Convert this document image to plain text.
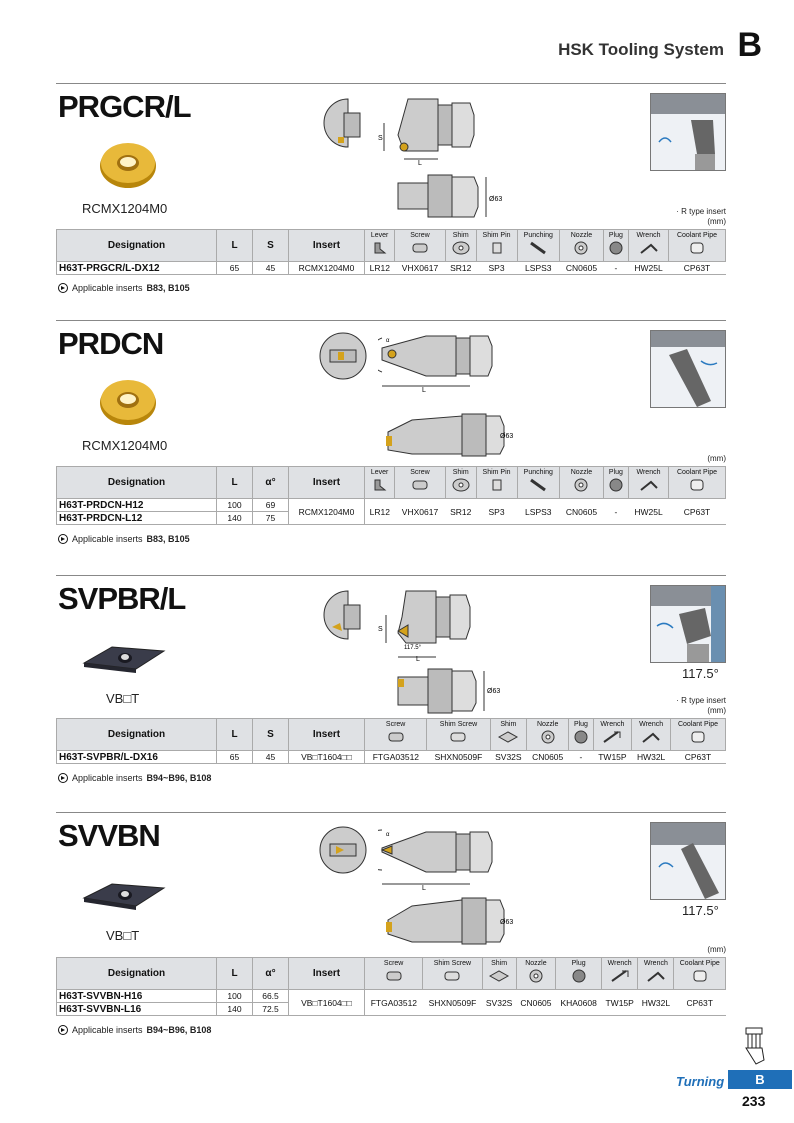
HSK Tooling System B
PRGCR/L
RCMX1204M0
S
L
Ø63
· R type insert
(mm)
Designation	L	S	Insert	Lever	Screw	Shim	Shim Pin	Punching	Nozzle	Plug	Wrench	Coolant Pipe

H63T-PRGCR/L-DX12	65	45	RCMX1204M0	LR12	VHX0617	SR12	SP3	LSPS3	CN0605	-	HW25L	CP63T
Applicable inserts B83, B105
PRDCN
RCMX1204M0
L
α
Ø63
(mm)
Designation	L	α°	Insert	Lever	Screw	Shim	Shim Pin	Punching	Nozzle	Plug	Wrench	Coolant Pipe

H63T-PRDCN-H12	100	69	RCMX1204M0	LR12	VHX0617	SR12	SP3	LSPS3	CN0605	-	HW25L	CP63T
H63T-PRDCN-L12	140	75										
Applicable inserts B83, B105
SVPBR/L
VB□T
S
117.5°
L
Ø63
117.5°
· R type insert
(mm)
Designation	L	S	Insert	Screw	Shim Screw	Shim	Nozzle	Plug	Wrench	Wrench	Coolant Pipe

H63T-SVPBR/L-DX16	65	45	VB□T1604□□	FTGA03512	SHXN0509F	SV32S	CN0605	-	TW15P	HW32L	CP63T
Applicable inserts B94~B96, B108
SVVBN
VB□T
L
α
Ø63
117.5°
(mm)
Designation	L	α°	Insert	Screw	Shim Screw	Shim	Nozzle	Plug	Wrench	Wrench	Coolant Pipe

H63T-SVVBN-H16	100	66.5	VB□T1604□□	FTGA03512	SHXN0509F	SV32S	CN0605	KHA0608	TW15P	HW32L	CP63T
H63T-SVVBN-L16	140	72.5									
Applicable inserts B94~B96, B108
Turning	B
233
